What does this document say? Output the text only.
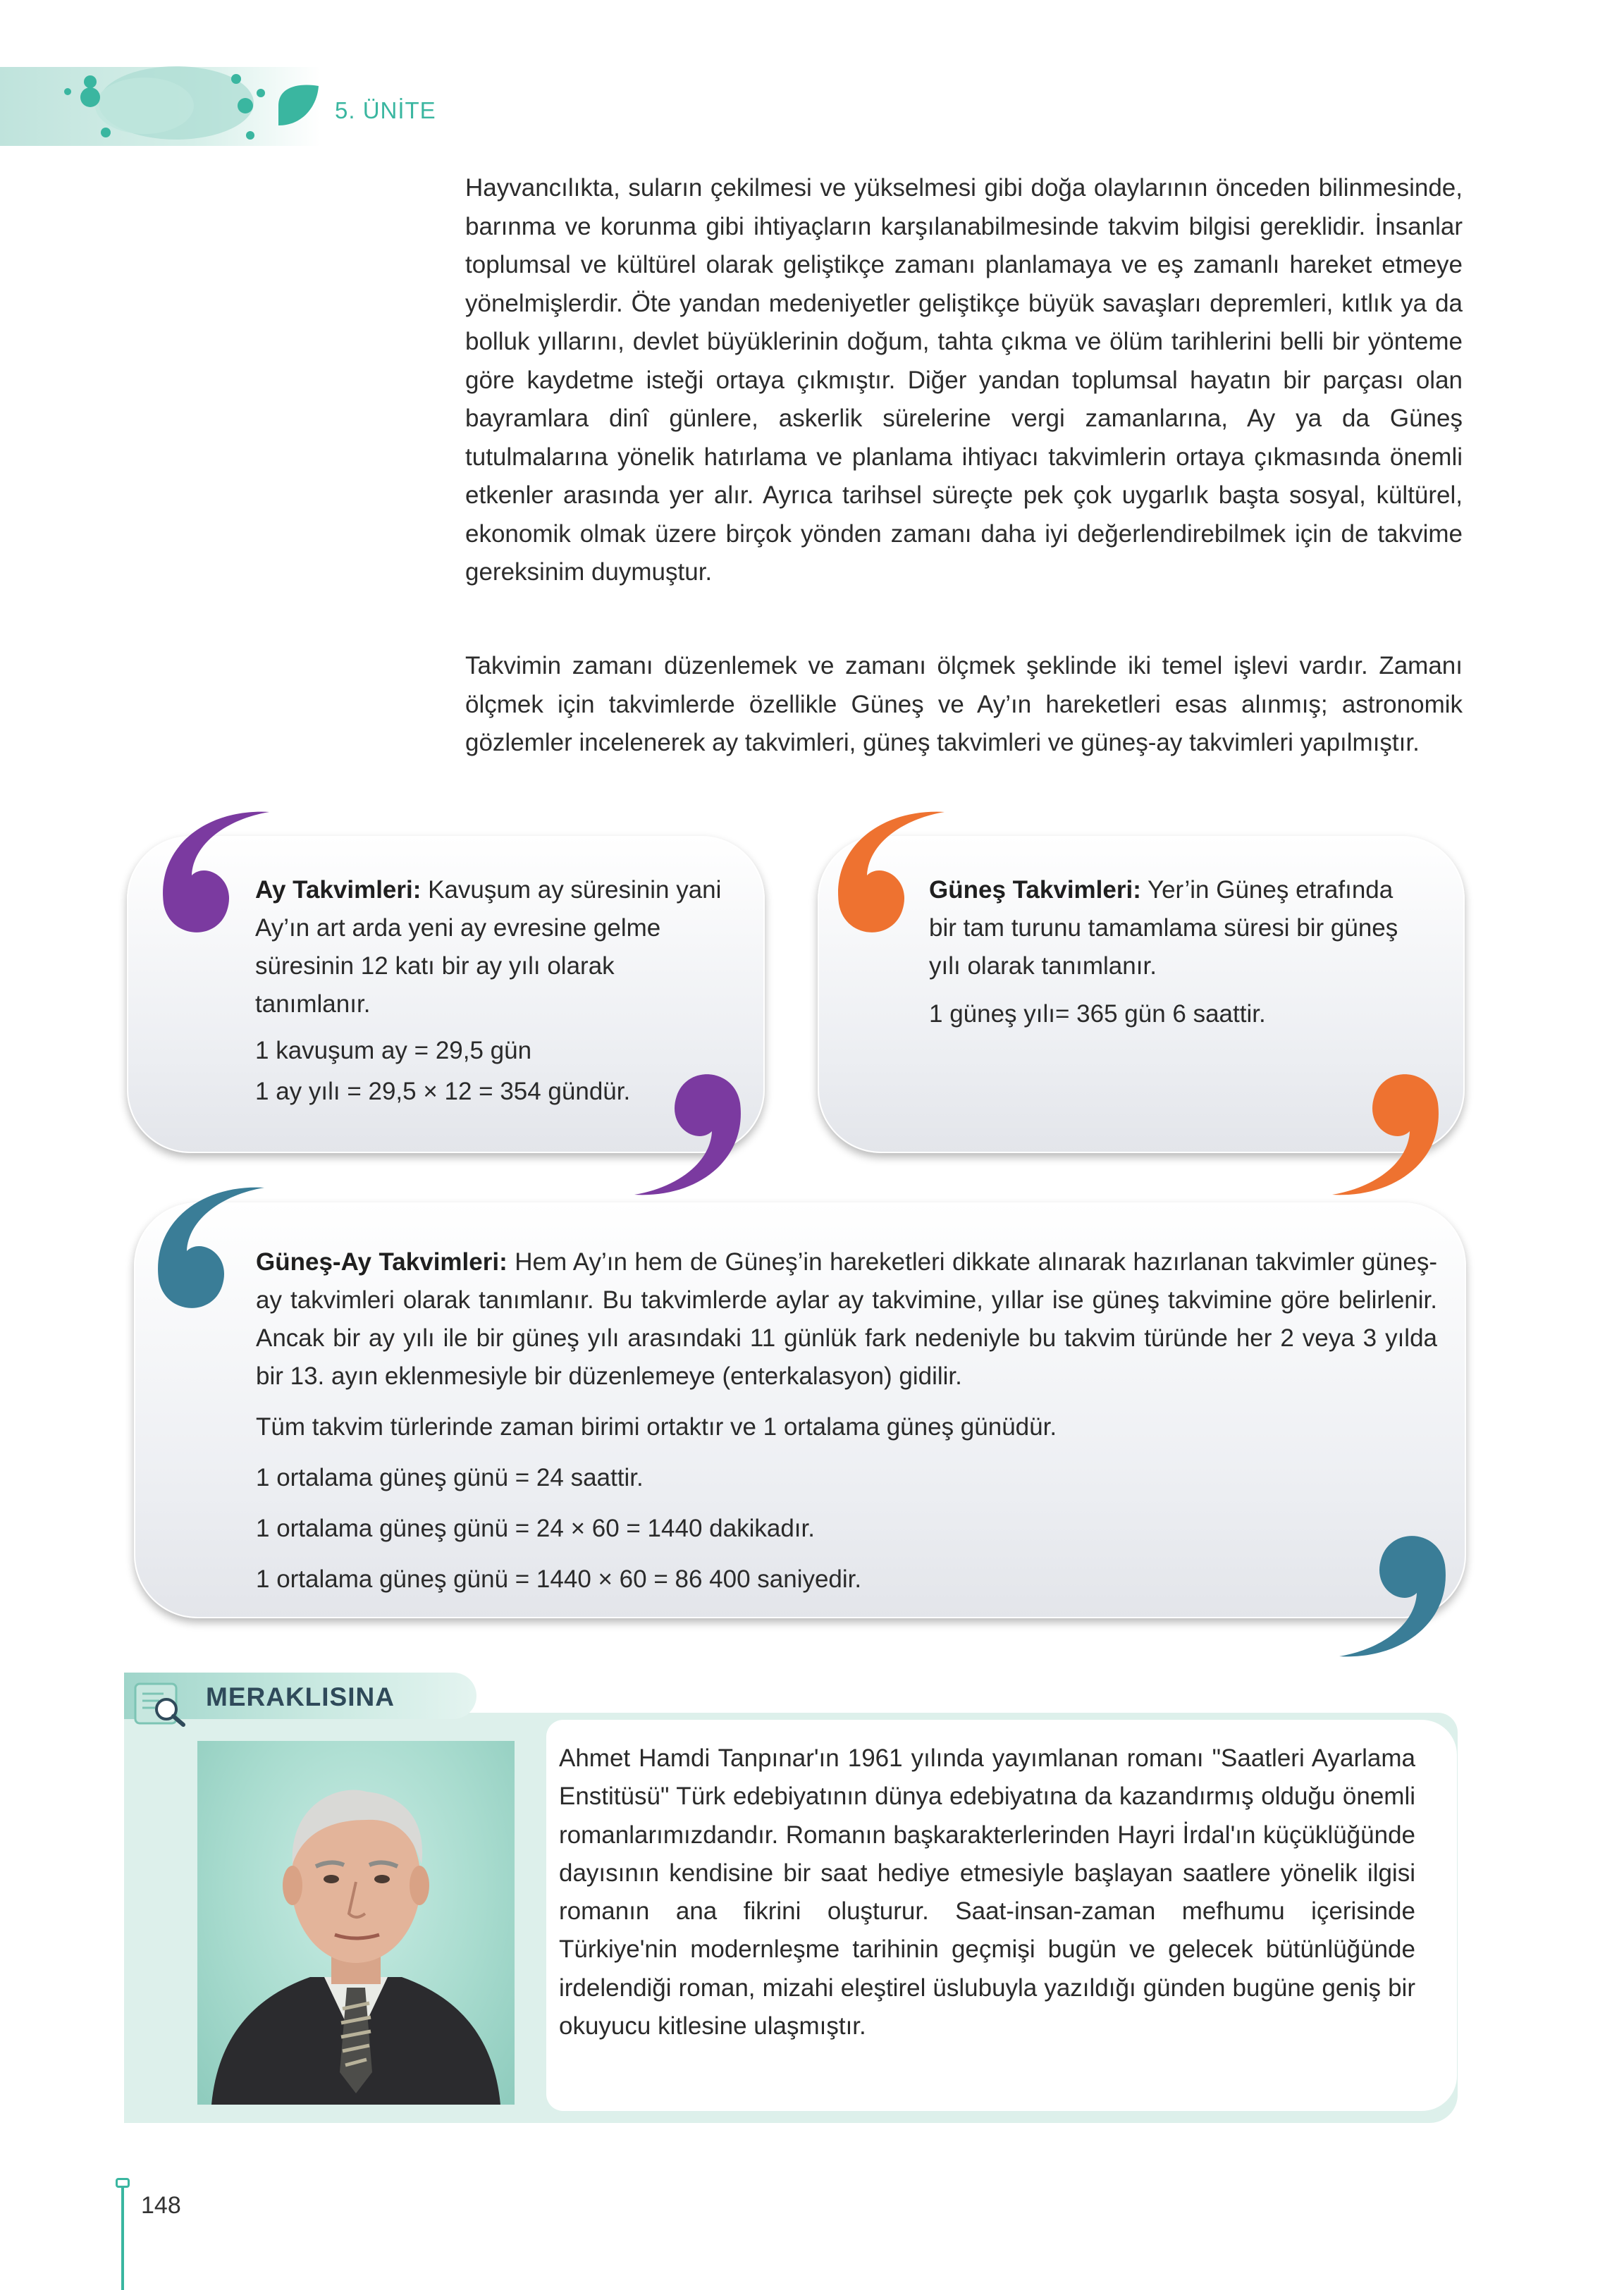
5. ÜNİTE

Hayvancılıkta, suların çekilmesi ve yükselmesi gibi doğa olaylarının önceden bilinmesinde, barınma ve korunma gibi ihtiyaçların karşılanabilmesinde takvim bilgisi gereklidir. İnsanlar toplumsal ve kültürel olarak geliştikçe zamanı planlamaya ve eş zamanlı hareket etmeye yönelmişlerdir. Öte yandan medeniyetler geliştikçe büyük savaşları depremleri, kıtlık ya da bolluk yıllarını, devlet büyüklerinin doğum, tahta çıkma ve ölüm tarihlerini belli bir yönteme göre kaydetme isteği ortaya çıkmıştır. Diğer yandan toplumsal hayatın bir parçası olan bayramlara dinî günlere, askerlik sürelerine vergi zamanlarına, Ay ya da Güneş tutulmalarına yönelik hatırlama ve planlama ihtiyacı takvimlerin ortaya çıkmasında önemli etkenler arasında yer alır. Ayrıca tarihsel süreçte pek çok uygarlık başta sosyal, kültürel, ekonomik olmak üzere birçok yönden zamanı daha iyi değerlendirebilmek için de takvime gereksinim duymuştur.

Takvimin zamanı düzenlemek ve zamanı ölçmek şeklinde iki temel işlevi vardır. Zamanı ölçmek için takvimlerde özellikle Güneş ve Ay’ın hareketleri esas alınmış; astronomik gözlemler incelenerek ay takvimleri, güneş takvimleri ve güneş-ay takvimleri yapılmıştır.

Ay Takvimleri: Kavuşum ay süresinin yani Ay’ın art arda yeni ay evresine gelme süresinin 12 katı bir ay yılı olarak tanımlanır.

1 kavuşum ay = 29,5 gün

1 ay yılı = 29,5 × 12 = 354 gündür.

Güneş Takvimleri: Yer’in Güneş etrafında bir tam turunu tamamlama süresi bir güneş yılı olarak tanımlanır.

1 güneş yılı= 365 gün 6 saattir.

Güneş-Ay Takvimleri: Hem Ay’ın hem de Güneş’in hareketleri dikkate alınarak hazırlanan takvimler güneş-ay takvimleri olarak tanımlanır. Bu takvimlerde aylar ay takvimine, yıllar ise güneş takvimine göre belirlenir. Ancak bir ay yılı ile bir güneş yılı arasındaki 11 günlük fark nedeniyle bu takvim türünde her 2 veya 3 yılda bir 13. ayın eklenmesiyle bir düzenlemeye (enterkalasyon) gidilir.

Tüm takvim türlerinde zaman birimi ortaktır ve 1 ortalama güneş günüdür.

1 ortalama güneş günü = 24 saattir.

1 ortalama güneş günü = 24 × 60 = 1440 dakikadır.

1 ortalama güneş günü = 1440 × 60 = 86 400 saniyedir.

MERAKLISINA

Ahmet Hamdi Tanpınar'ın 1961 yılında yayımlanan romanı "Saatleri Ayarlama Enstitüsü" Türk edebiyatının dünya edebiyatına da kazandırmış olduğu önemli romanlarımızdandır. Romanın başkarakterlerinden Hayri İrdal'ın küçüklüğünde dayısının kendisine bir saat hediye etmesiyle başlayan saatlere yönelik ilgisi romanın ana fikrini oluşturur. Saat-insan-zaman mefhumu içerisinde Türkiye'nin modernleşme tarihinin geçmişi bugün ve gelecek bütünlüğünde irdelendiği roman, mizahi eleştirel üslubuyla yazıldığı günden bugüne geniş bir okuyucu kitlesine ulaşmıştır.

148
